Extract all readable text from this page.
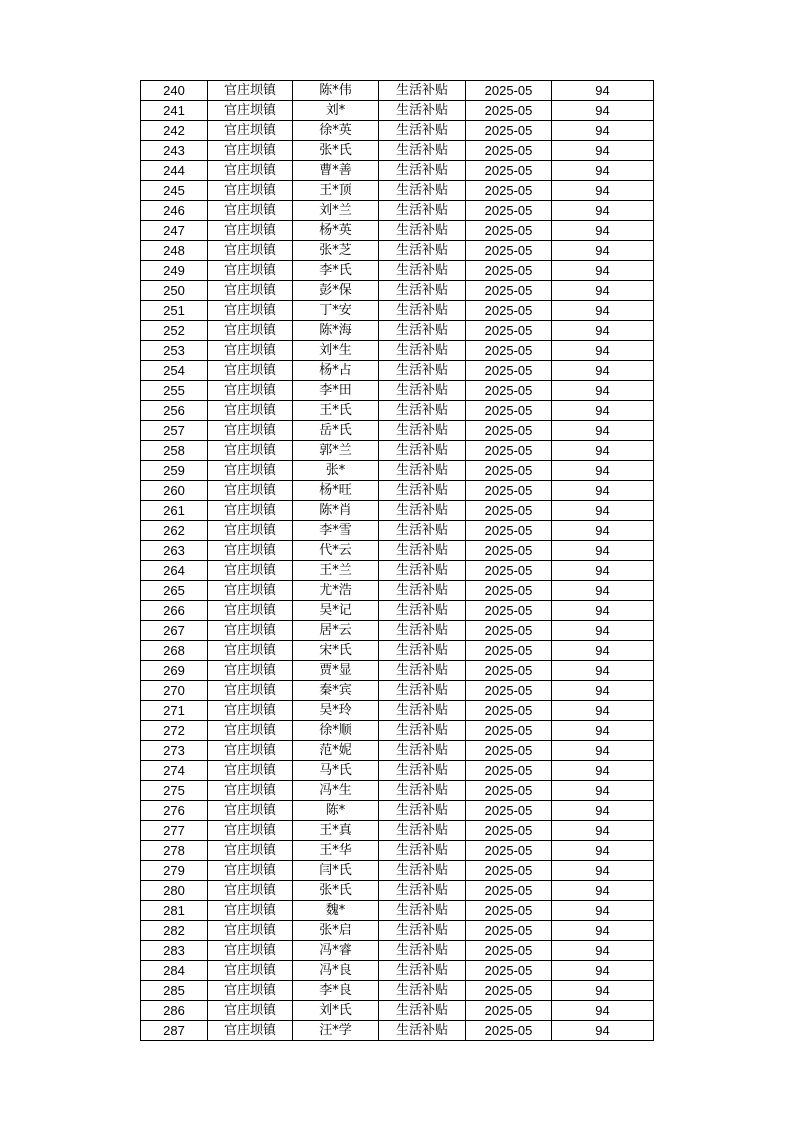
240	官庄坝镇	陈*伟	生活补贴	2025-05	94
241	官庄坝镇	刘*	生活补贴	2025-05	94
242	官庄坝镇	徐*英	生活补贴	2025-05	94
243	官庄坝镇	张*氏	生活补贴	2025-05	94
244	官庄坝镇	曹*善	生活补贴	2025-05	94
245	官庄坝镇	王*顶	生活补贴	2025-05	94
246	官庄坝镇	刘*兰	生活补贴	2025-05	94
247	官庄坝镇	杨*英	生活补贴	2025-05	94
248	官庄坝镇	张*芝	生活补贴	2025-05	94
249	官庄坝镇	李*氏	生活补贴	2025-05	94
250	官庄坝镇	彭*保	生活补贴	2025-05	94
251	官庄坝镇	丁*安	生活补贴	2025-05	94
252	官庄坝镇	陈*海	生活补贴	2025-05	94
253	官庄坝镇	刘*生	生活补贴	2025-05	94
254	官庄坝镇	杨*占	生活补贴	2025-05	94
255	官庄坝镇	李*田	生活补贴	2025-05	94
256	官庄坝镇	王*氏	生活补贴	2025-05	94
257	官庄坝镇	岳*氏	生活补贴	2025-05	94
258	官庄坝镇	郭*兰	生活补贴	2025-05	94
259	官庄坝镇	张*	生活补贴	2025-05	94
260	官庄坝镇	杨*旺	生活补贴	2025-05	94
261	官庄坝镇	陈*肖	生活补贴	2025-05	94
262	官庄坝镇	李*雪	生活补贴	2025-05	94
263	官庄坝镇	代*云	生活补贴	2025-05	94
264	官庄坝镇	王*兰	生活补贴	2025-05	94
265	官庄坝镇	尤*浩	生活补贴	2025-05	94
266	官庄坝镇	吴*记	生活补贴	2025-05	94
267	官庄坝镇	居*云	生活补贴	2025-05	94
268	官庄坝镇	宋*氏	生活补贴	2025-05	94
269	官庄坝镇	贾*显	生活补贴	2025-05	94
270	官庄坝镇	秦*宾	生活补贴	2025-05	94
271	官庄坝镇	吴*玲	生活补贴	2025-05	94
272	官庄坝镇	徐*顺	生活补贴	2025-05	94
273	官庄坝镇	范*妮	生活补贴	2025-05	94
274	官庄坝镇	马*氏	生活补贴	2025-05	94
275	官庄坝镇	冯*生	生活补贴	2025-05	94
276	官庄坝镇	陈*	生活补贴	2025-05	94
277	官庄坝镇	王*真	生活补贴	2025-05	94
278	官庄坝镇	王*华	生活补贴	2025-05	94
279	官庄坝镇	闫*氏	生活补贴	2025-05	94
280	官庄坝镇	张*氏	生活补贴	2025-05	94
281	官庄坝镇	魏*	生活补贴	2025-05	94
282	官庄坝镇	张*启	生活补贴	2025-05	94
283	官庄坝镇	冯*睿	生活补贴	2025-05	94
284	官庄坝镇	冯*良	生活补贴	2025-05	94
285	官庄坝镇	李*良	生活补贴	2025-05	94
286	官庄坝镇	刘*氏	生活补贴	2025-05	94
287	官庄坝镇	汪*学	生活补贴	2025-05	94
